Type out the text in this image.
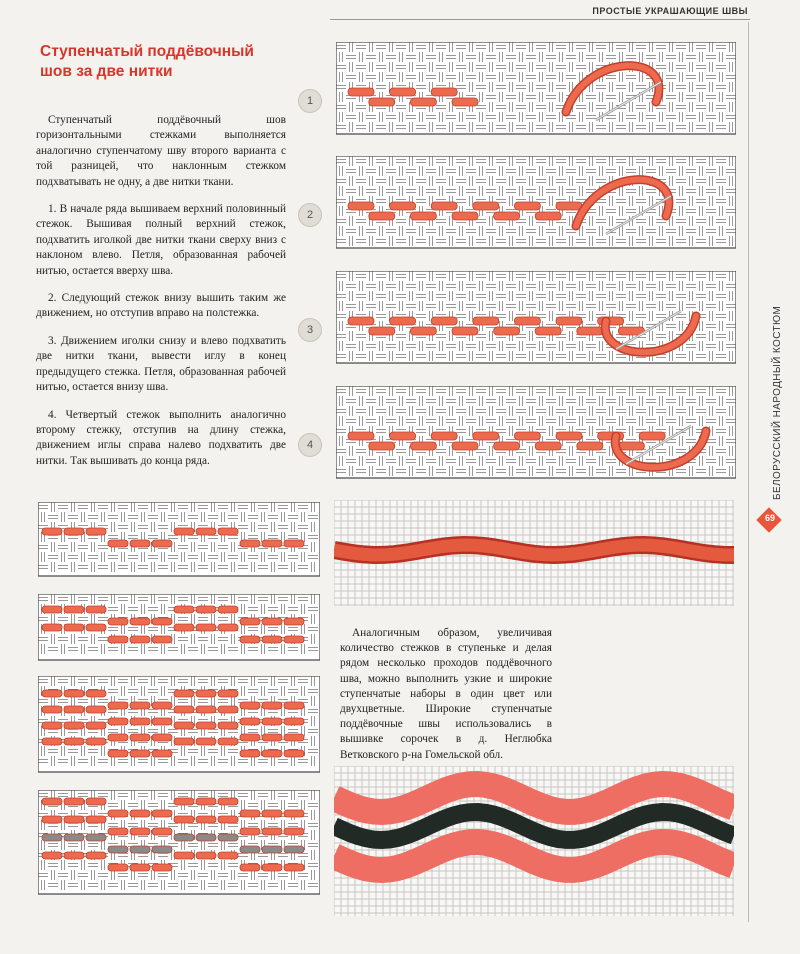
ПРОСТЫЕ УКРАШАЮЩИЕ ШВЫ
Ступенчатый поддёвочный шов за две нитки

Ступенчатый поддёвочный шов горизонтальными стежками выполняется аналогично ступенчатому шву второго варианта с той разницей, что наклонным стежком подхватывать не одну, а две нитки ткани.

1. В начале ряда вышиваем верхний половинный стежок. Вышивая полный верхний стежок, подхватить иголкой две нитки ткани сверху вниз с наклоном влево. Петля, образованная рабочей нитью, остается вверху шва.

2. Следующий стежок внизу вышить таким же движением, но отступив вправо на полстежка.

3. Движением иголки снизу и влево подхватить две нитки ткани, вывести иглу в конец предыдущего стежка. Петля, образованная рабочей нитью, остается внизу шва.

4. Четвертый стежок выполнить аналогично второму стежку, отступив на длину стежка, движением иглы справа налево подхватить две нитки. Так вышивать до конца ряда.

1
2
3
4

Аналогичным образом, увеличивая количество стежков в ступеньке и делая рядом несколько проходов поддёвочного шва, можно выполнить узкие и широкие ступенчатые наборы в один цвет или двухцветные. Широкие ступенчатые поддёвочные швы использовались в вышивке сорочек в д. Неглюбка Ветковского р-на Гомельской обл.

БЕЛОРУССКИЙ НАРОДНЫЙ КОСТЮМ
69
